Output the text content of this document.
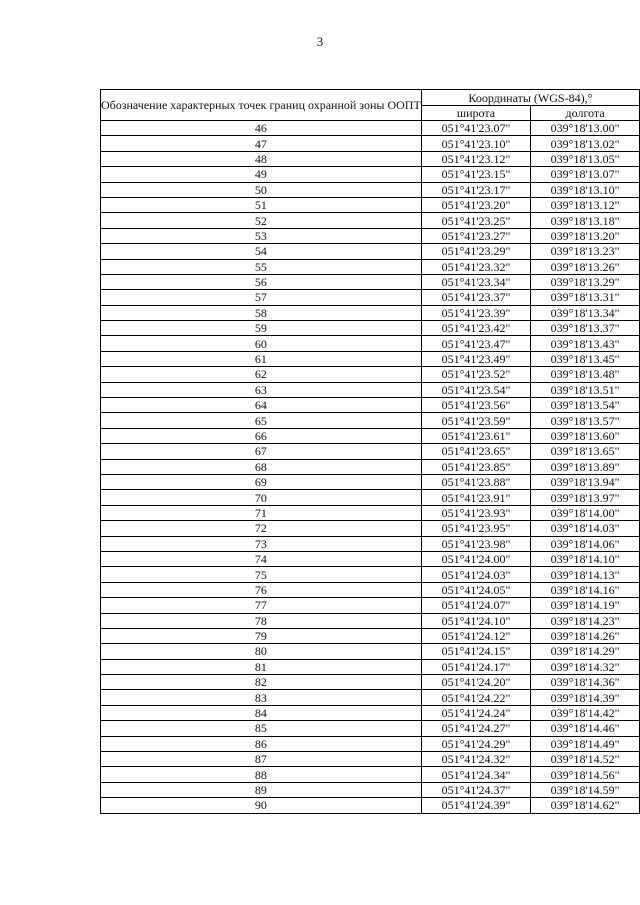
3
Обозначение характерных точек границ охранной зоны ООПТ	Координаты (WGS-84),°	
	широта	долгота
46	051°41'23.07"	039°18'13.00"
47	051°41'23.10"	039°18'13.02"
48	051°41'23.12"	039°18'13.05"
49	051°41'23.15"	039°18'13.07"
50	051°41'23.17"	039°18'13.10"
51	051°41'23.20"	039°18'13.12"
52	051°41'23.25"	039°18'13.18"
53	051°41'23.27"	039°18'13.20"
54	051°41'23.29"	039°18'13.23"
55	051°41'23.32"	039°18'13.26"
56	051°41'23.34"	039°18'13.29"
57	051°41'23.37"	039°18'13.31"
58	051°41'23.39"	039°18'13.34"
59	051°41'23.42"	039°18'13.37"
60	051°41'23.47"	039°18'13.43"
61	051°41'23.49"	039°18'13.45"
62	051°41'23.52"	039°18'13.48"
63	051°41'23.54"	039°18'13.51"
64	051°41'23.56"	039°18'13.54"
65	051°41'23.59"	039°18'13.57"
66	051°41'23.61"	039°18'13.60"
67	051°41'23.65"	039°18'13.65"
68	051°41'23.85"	039°18'13.89"
69	051°41'23.88"	039°18'13.94"
70	051°41'23.91"	039°18'13.97"
71	051°41'23.93"	039°18'14.00"
72	051°41'23.95"	039°18'14.03"
73	051°41'23.98"	039°18'14.06"
74	051°41'24.00"	039°18'14.10"
75	051°41'24.03"	039°18'14.13"
76	051°41'24.05"	039°18'14.16"
77	051°41'24.07"	039°18'14.19"
78	051°41'24.10"	039°18'14.23"
79	051°41'24.12"	039°18'14.26"
80	051°41'24.15"	039°18'14.29"
81	051°41'24.17"	039°18'14.32"
82	051°41'24.20"	039°18'14.36"
83	051°41'24.22"	039°18'14.39"
84	051°41'24.24"	039°18'14.42"
85	051°41'24.27"	039°18'14.46"
86	051°41'24.29"	039°18'14.49"
87	051°41'24.32"	039°18'14.52"
88	051°41'24.34"	039°18'14.56"
89	051°41'24.37"	039°18'14.59"
90	051°41'24.39"	039°18'14.62"
